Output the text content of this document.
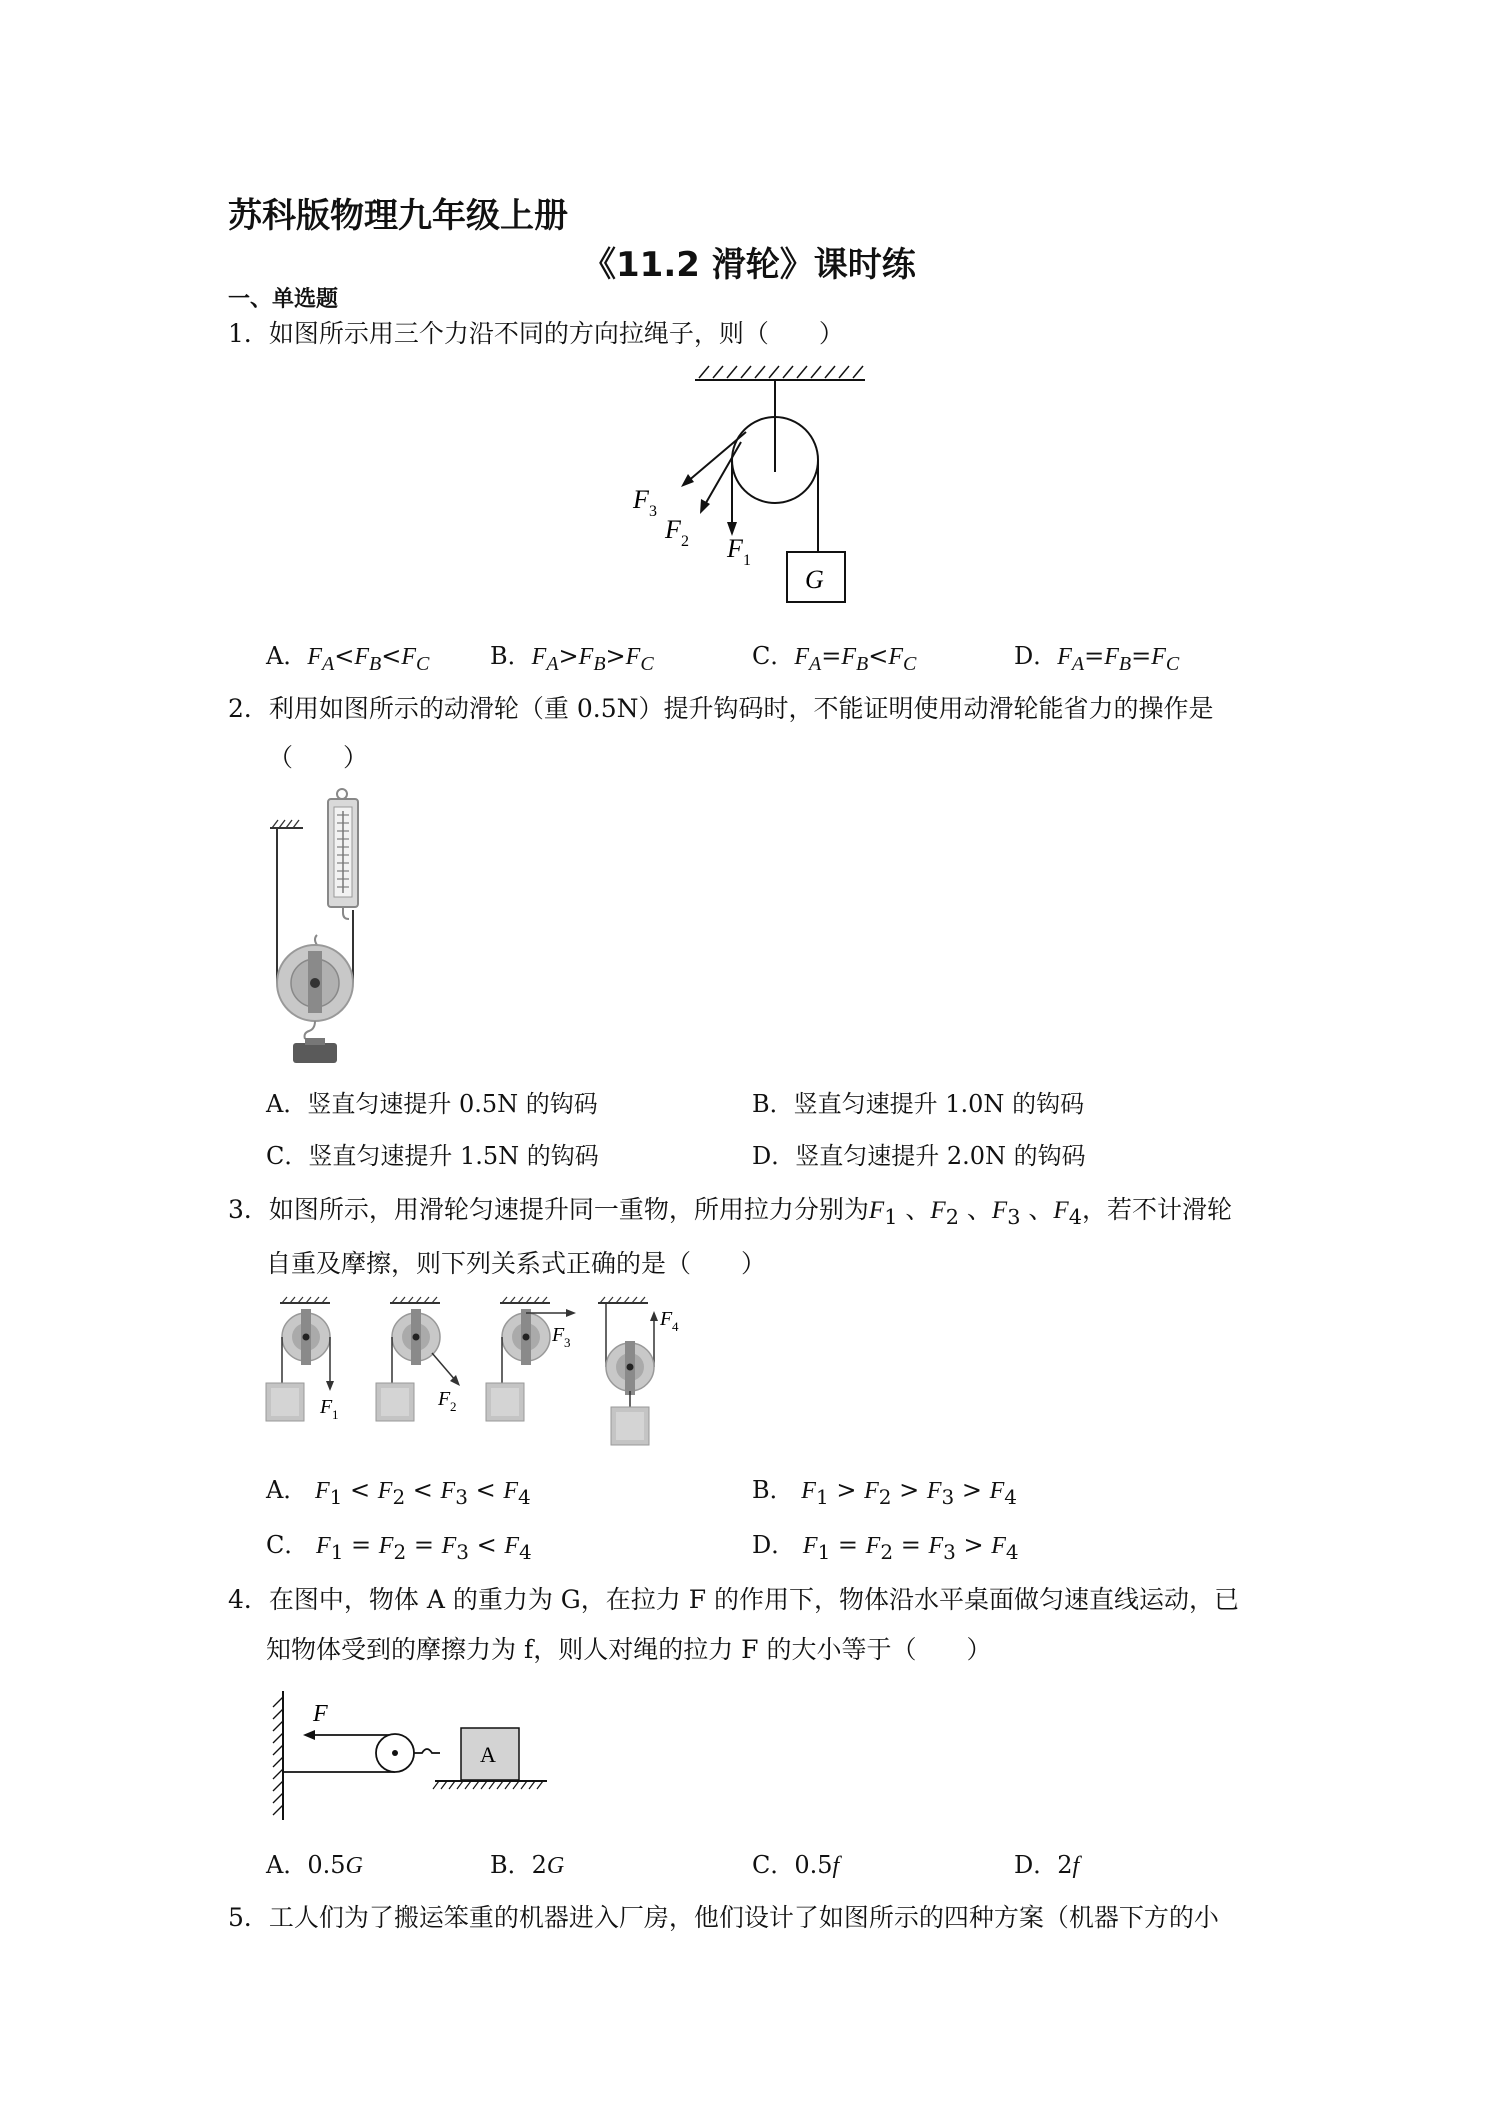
苏科版物理九年级上册
《11.2 滑轮》课时练
一、单选题
1．如图所示用三个力沿不同的方向拉绳子，则（　　）
F 3
F 2 F 1
G
A．$F_A<F_B<F_C$	B．$F_A>F_B>F_C$	C．$F_A=F_B<F_C$	D．$F_A=F_B=F_C$
2．利用如图所示的动滑轮（重 0.5N）提升钩码时，不能证明使用动滑轮能省力的操作是
（　　）
A．竖直匀速提升 0.5N 的钩码	B．竖直匀速提升 1.0N 的钩码
C．竖直匀速提升 1.5N 的钩码	D．竖直匀速提升 2.0N 的钩码
3．如图所示，用滑轮匀速提升同一重物，所用拉力分别为$F_1$ 、$F_2$ 、$F_3$ 、$F_4$，若不计滑轮
自重及摩擦，则下列关系式正确的是（　　）
F 1
F 2
F 3
F 4
A． $F_1 < F_2 < F_3 < F_4$	B． $F_1 > F_2 > F_3 > F_4$
C． $F_1 = F_2 = F_3 < F_4$	D． $F_1 = F_2 = F_3 > F_4$
4．在图中，物体 A 的重力为 G，在拉力 F 的作用下，物体沿水平桌面做匀速直线运动，已
知物体受到的摩擦力为 f，则人对绳的拉力 F 的大小等于（　　）
F
A
A．0.5G	B．2G	C．0.5f	D．2f
5．工人们为了搬运笨重的机器进入厂房，他们设计了如图所示的四种方案（机器下方的小
